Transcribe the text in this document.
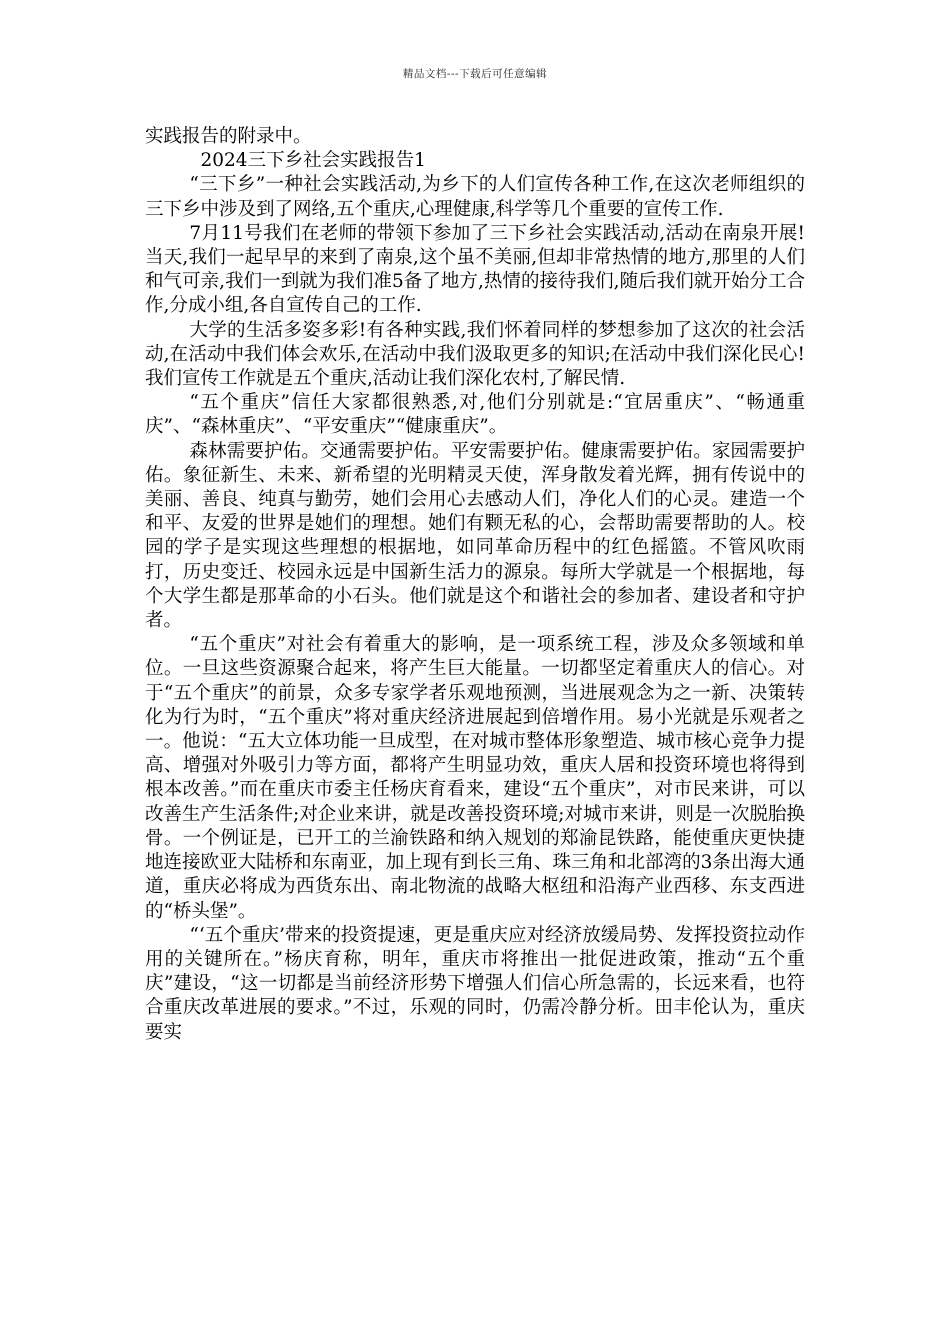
精品文档---下载后可任意编辑

实践报告的附录中。

2024三下乡社会实践报告1

“三下乡”一种社会实践活动,为乡下的人们宣传各种工作,在这次老师组织的三下乡中涉及到了网络,五个重庆,心理健康,科学等几个重要的宣传工作.

7月11号我们在老师的带领下参加了三下乡社会实践活动,活动在南泉开展!当天,我们一起早早的来到了南泉,这个虽不美丽,但却非常热情的地方,那里的人们和气可亲,我们一到就为我们准5备了地方,热情的接待我们,随后我们就开始分工合作,分成小组,各自宣传自己的工作.

大学的生活多姿多彩!有各种实践,我们怀着同样的梦想参加了这次的社会活动,在活动中我们体会欢乐,在活动中我们汲取更多的知识;在活动中我们深化民心!我们宣传工作就是五个重庆,活动让我们深化农村,了解民情.

“五个重庆”信任大家都很熟悉,对,他们分别就是:“宜居重庆”、“畅通重庆”、“森林重庆”、“平安重庆”“健康重庆”。

森林需要护佑。交通需要护佑。平安需要护佑。健康需要护佑。家园需要护佑。象征新生、未来、新希望的光明精灵天使，浑身散发着光辉，拥有传说中的美丽、善良、纯真与勤劳，她们会用心去感动人们，净化人们的心灵。建造一个和平、友爱的世界是她们的理想。她们有颗无私的心，会帮助需要帮助的人。校园的学子是实现这些理想的根据地，如同革命历程中的红色摇篮。不管风吹雨打，历史变迁、校园永远是中国新生活力的源泉。每所大学就是一个根据地，每个大学生都是那革命的小石头。他们就是这个和谐社会的参加者、建设者和守护者。

“五个重庆”对社会有着重大的影响，是一项系统工程，涉及众多领域和单位。一旦这些资源聚合起来，将产生巨大能量。一切都坚定着重庆人的信心。对于“五个重庆”的前景，众多专家学者乐观地预测，当进展观念为之一新、决策转化为行为时，“五个重庆”将对重庆经济进展起到倍增作用。易小光就是乐观者之一。他说：“五大立体功能一旦成型，在对城市整体形象塑造、城市核心竞争力提高、增强对外吸引力等方面，都将产生明显功效，重庆人居和投资环境也将得到根本改善。”而在重庆市委主任杨庆育看来，建设“五个重庆”，对市民来讲，可以改善生产生活条件;对企业来讲，就是改善投资环境;对城市来讲，则是一次脱胎换骨。一个例证是，已开工的兰渝铁路和纳入规划的郑渝昆铁路，能使重庆更快捷地连接欧亚大陆桥和东南亚，加上现有到长三角、珠三角和北部湾的3条出海大通道，重庆必将成为西货东出、南北物流的战略大枢纽和沿海产业西移、东支西进的“桥头堡”。

“‘五个重庆’带来的投资提速，更是重庆应对经济放缓局势、发挥投资拉动作用的关键所在。”杨庆育称，明年，重庆市将推出一批促进政策，推动“五个重庆”建设，“这一切都是当前经济形势下增强人们信心所急需的，长远来看，也符合重庆改革进展的要求。”不过，乐观的同时，仍需冷静分析。田丰伦认为，重庆要实
